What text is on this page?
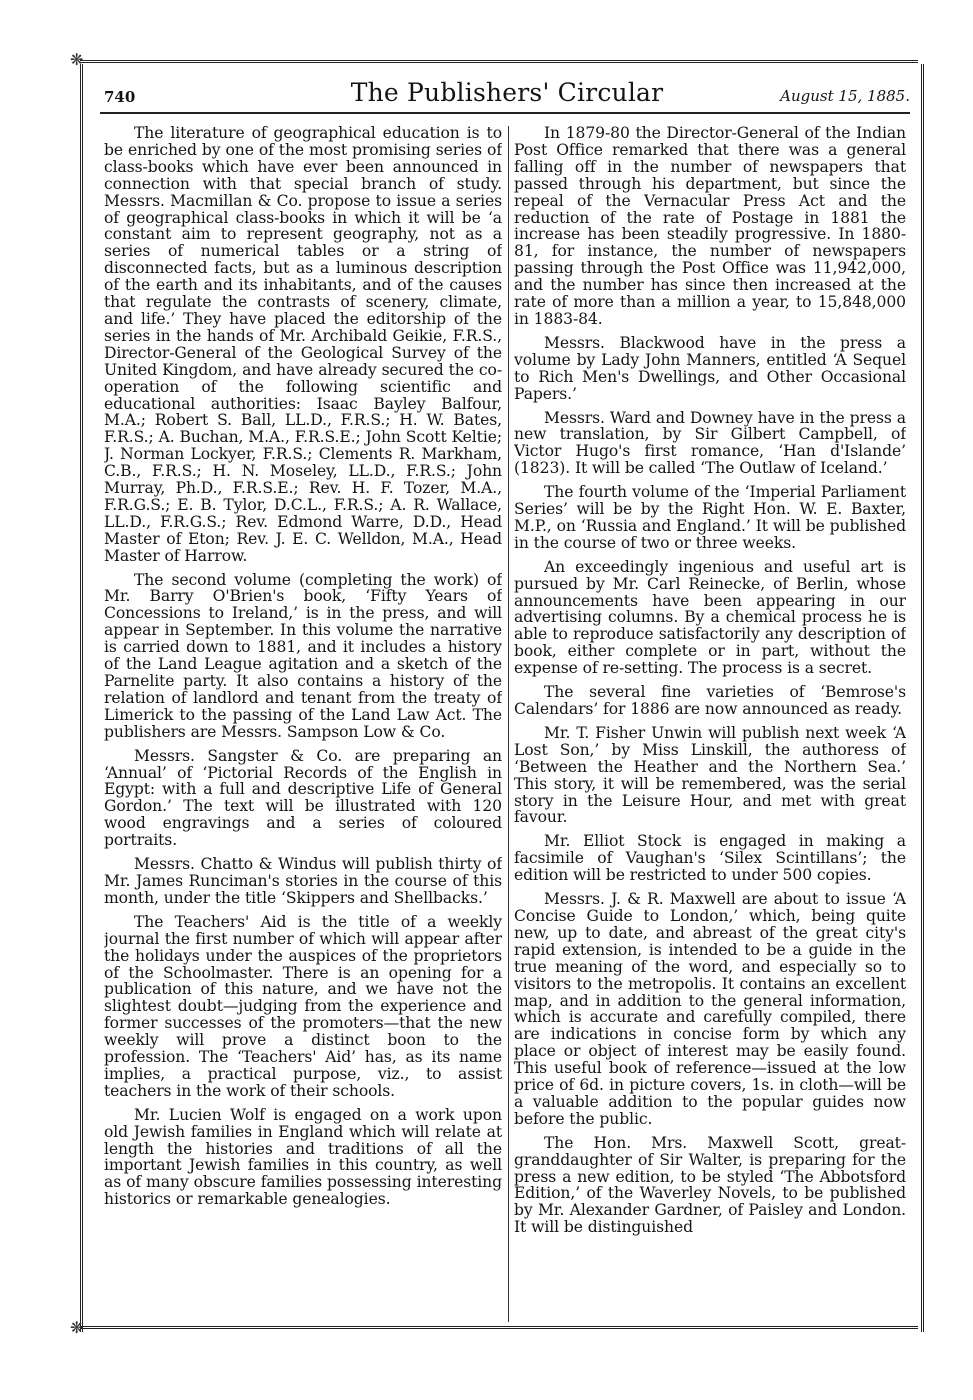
❋
❋
740	The Publishers' Circular	August 15, 1885.

The literature of geographical education is to be enriched by one of the most promising series of class-books which have ever been announced in connection with that special branch of study. Messrs. Macmillan & Co. propose to issue a series of geographical class-books in which it will be ‘a constant aim to represent geography, not as a series of numerical tables or a string of disconnected facts, but as a luminous description of the earth and its inhabitants, and of the causes that regulate the contrasts of scenery, climate, and life.’ They have placed the editorship of the series in the hands of Mr. Archibald Geikie, F.R.S., Director-General of the Geological Survey of the United Kingdom, and have already secured the co-operation of the following scientific and educational authorities: Isaac Bayley Balfour, M.A.; Robert S. Ball, LL.D., F.R.S.; H. W. Bates, F.R.S.; A. Buchan, M.A., F.R.S.E.; John Scott Keltie; J. Norman Lockyer, F.R.S.; Clements R. Markham, C.B., F.R.S.; H. N. Moseley, LL.D., F.R.S.; John Murray, Ph.D., F.R.S.E.; Rev. H. F. Tozer, M.A., F.R.G.S.; E. B. Tylor, D.C.L., F.R.S.; A. R. Wallace, LL.D., F.R.G.S.; Rev. Edmond Warre, D.D., Head Master of Eton; Rev. J. E. C. Welldon, M.A., Head Master of Harrow.

The second volume (completing the work) of Mr. Barry O'Brien's book, ‘Fifty Years of Concessions to Ireland,’ is in the press, and will appear in September. In this volume the narrative is carried down to 1881, and it includes a history of the Land League agitation and a sketch of the Parnelite party. It also contains a history of the relation of landlord and tenant from the treaty of Limerick to the passing of the Land Law Act. The publishers are Messrs. Sampson Low & Co.

Messrs. Sangster & Co. are preparing an ‘Annual’ of ‘Pictorial Records of the English in Egypt: with a full and descriptive Life of General Gordon.’ The text will be illustrated with 120 wood engravings and a series of coloured portraits.

Messrs. Chatto & Windus will publish thirty of Mr. James Runciman's stories in the course of this month, under the title ‘Skippers and Shellbacks.’

The Teachers' Aid is the title of a weekly journal the first number of which will appear after the holidays under the auspices of the proprietors of the Schoolmaster. There is an opening for a publication of this nature, and we have not the slightest doubt—judging from the experience and former successes of the promoters—that the new weekly will prove a distinct boon to the profession. The ‘Teachers' Aid’ has, as its name implies, a practical purpose, viz., to assist teachers in the work of their schools.

Mr. Lucien Wolf is engaged on a work upon old Jewish families in England which will relate at length the histories and traditions of all the important Jewish families in this country, as well as of many obscure families possessing interesting historics or remarkable genealogies.

In 1879-80 the Director-General of the Indian Post Office remarked that there was a general falling off in the number of newspapers that passed through his department, but since the repeal of the Vernacular Press Act and the reduction of the rate of Postage in 1881 the increase has been steadily progressive. In 1880-81, for instance, the number of newspapers passing through the Post Office was 11,942,000, and the number has since then increased at the rate of more than a million a year, to 15,848,000 in 1883-84.

Messrs. Blackwood have in the press a volume by Lady John Manners, entitled ‘A Sequel to Rich Men's Dwellings, and Other Occasional Papers.’

Messrs. Ward and Downey have in the press a new translation, by Sir Gilbert Campbell, of Victor Hugo's first romance, ‘Han d'Islande’ (1823). It will be called ‘The Outlaw of Iceland.’

The fourth volume of the ‘Imperial Parliament Series’ will be by the Right Hon. W. E. Baxter, M.P., on ‘Russia and England.’ It will be published in the course of two or three weeks.

An exceedingly ingenious and useful art is pursued by Mr. Carl Reinecke, of Berlin, whose announcements have been appearing in our advertising columns. By a chemical process he is able to reproduce satisfactorily any description of book, either complete or in part, without the expense of re-setting. The process is a secret.

The several fine varieties of ‘Bemrose's Calendars’ for 1886 are now announced as ready.

Mr. T. Fisher Unwin will publish next week ‘A Lost Son,’ by Miss Linskill, the authoress of ‘Between the Heather and the Northern Sea.’ This story, it will be remembered, was the serial story in the Leisure Hour, and met with great favour.

Mr. Elliot Stock is engaged in making a facsimile of Vaughan's ‘Silex Scintillans’; the edition will be restricted to under 500 copies.

Messrs. J. & R. Maxwell are about to issue ‘A Concise Guide to London,’ which, being quite new, up to date, and abreast of the great city's rapid extension, is intended to be a guide in the true meaning of the word, and especially so to visitors to the metropolis. It contains an excellent map, and in addition to the general information, which is accurate and carefully compiled, there are indications in concise form by which any place or object of interest may be easily found. This useful book of reference—issued at the low price of 6d. in picture covers, 1s. in cloth—will be a valuable addition to the popular guides now before the public.

The Hon. Mrs. Maxwell Scott, great-granddaughter of Sir Walter, is preparing for the press a new edition, to be styled ‘The Abbotsford Edition,’ of the Waverley Novels, to be published by Mr. Alexander Gardner, of Paisley and London. It will be distinguished
